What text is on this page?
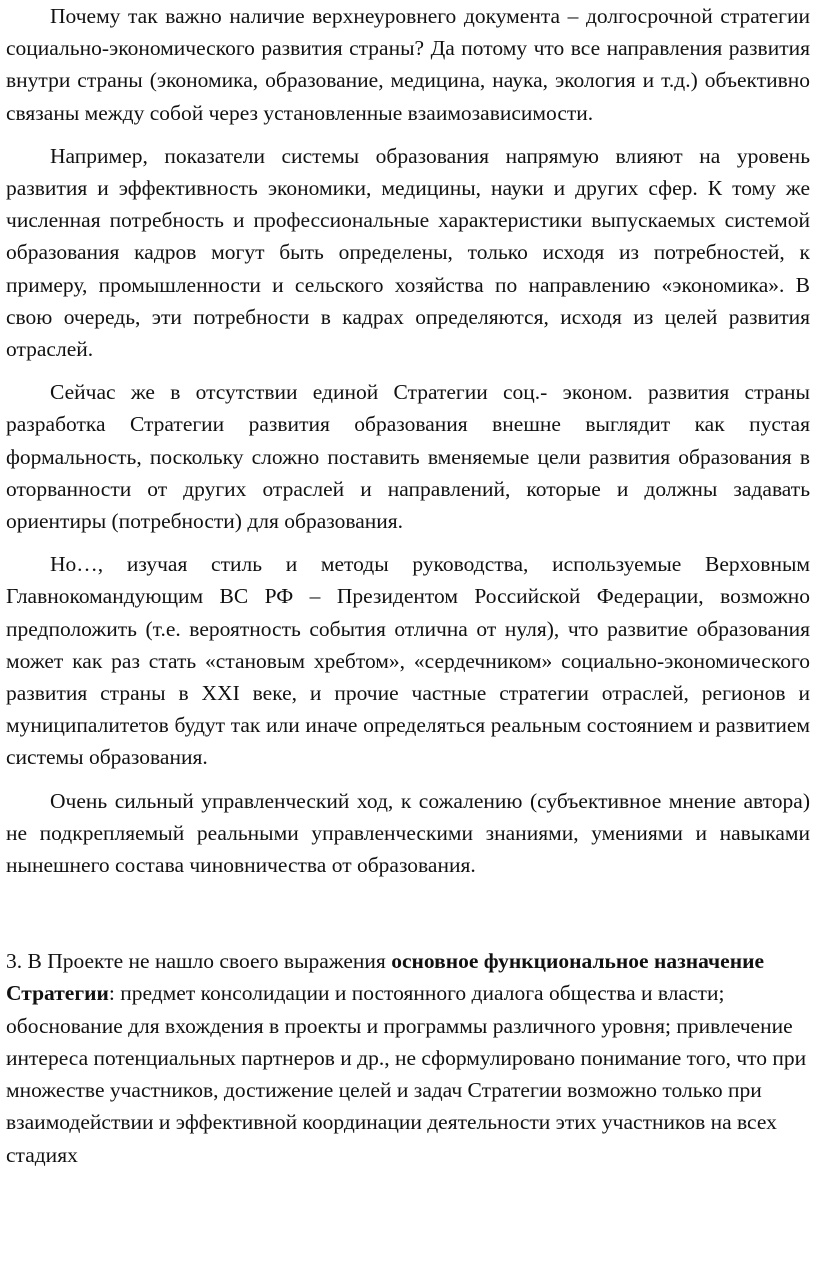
Почему так важно наличие верхнеуровнего документа – долгосрочной стратегии социально-экономического развития страны? Да потому что все направления развития внутри страны (экономика, образование, медицина, наука, экология и т.д.) объективно связаны между собой через установленные взаимозависимости.

Например, показатели системы образования напрямую влияют на уровень развития и эффективность экономики, медицины, науки и других сфер. К тому же численная потребность и профессиональные характеристики выпускаемых системой образования кадров могут быть определены, только исходя из потребностей, к примеру, промышленности и сельского хозяйства по направлению «экономика». В свою очередь, эти потребности в кадрах определяются, исходя из целей развития отраслей.

Сейчас же в отсутствии единой Стратегии соц.- эконом. развития страны разработка Стратегии развития образования внешне выглядит как пустая формальность, поскольку сложно поставить вменяемые цели развития образования в оторванности от других отраслей и направлений, которые и должны задавать ориентиры (потребности) для образования.

Но…, изучая стиль и методы руководства, используемые Верховным Главнокомандующим ВС РФ – Президентом Российской Федерации, возможно предположить (т.е. вероятность события отлична от нуля), что развитие образования может как раз стать «становым хребтом», «сердечником» социально-экономического развития страны в XXI веке, и прочие частные стратегии отраслей, регионов и муниципалитетов будут так или иначе определяться реальным состоянием и развитием системы образования.

Очень сильный управленческий ход, к сожалению (субъективное мнение автора) не подкрепляемый реальными управленческими знаниями, умениями и навыками нынешнего состава чиновничества от образования.

3. В Проекте не нашло своего выражения основное функциональное назначение Стратегии: предмет консолидации и постоянного диалога общества и власти; обоснование для вхождения в проекты и программы различного уровня; привлечение интереса потенциальных партнеров и др., не сформулировано понимание того, что при множестве участников, достижение целей и задач Стратегии возможно только при взаимодействии и эффективной координации деятельности этих участников на всех стадиях
